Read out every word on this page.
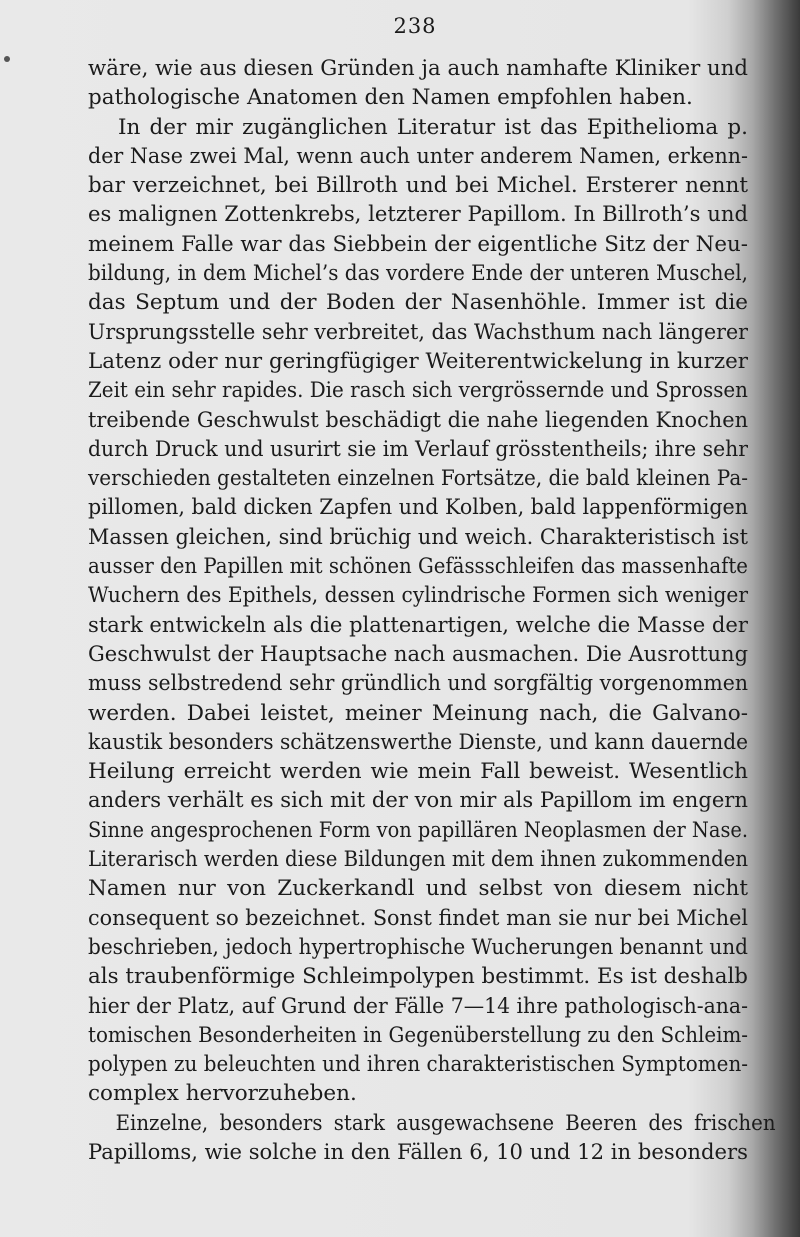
238
wäre, wie aus diesen Gründen ja auch namhafte Kliniker und
pathologische Anatomen den Namen empfohlen haben.
In der mir zugänglichen Literatur ist das Epithelioma p.
der Nase zwei Mal, wenn auch unter anderem Namen, erkenn-
bar verzeichnet, bei Billroth und bei Michel. Ersterer nennt
es malignen Zottenkrebs, letzterer Papillom. In Billroth’s und
meinem Falle war das Siebbein der eigentliche Sitz der Neu-
bildung, in dem Michel’s das vordere Ende der unteren Muschel,
das Septum und der Boden der Nasenhöhle. Immer ist die
Ursprungsstelle sehr verbreitet, das Wachsthum nach längerer
Latenz oder nur geringfügiger Weiterentwickelung in kurzer
Zeit ein sehr rapides. Die rasch sich vergrössernde und Sprossen
treibende Geschwulst beschädigt die nahe liegenden Knochen
durch Druck und usurirt sie im Verlauf grösstentheils; ihre sehr
verschieden gestalteten einzelnen Fortsätze, die bald kleinen Pa-
pillomen, bald dicken Zapfen und Kolben, bald lappenförmigen
Massen gleichen, sind brüchig und weich. Charakteristisch ist
ausser den Papillen mit schönen Gefässschleifen das massenhafte
Wuchern des Epithels, dessen cylindrische Formen sich weniger
stark entwickeln als die plattenartigen, welche die Masse der
Geschwulst der Hauptsache nach ausmachen. Die Ausrottung
muss selbstredend sehr gründlich und sorgfältig vorgenommen
werden. Dabei leistet, meiner Meinung nach, die Galvano-
kaustik besonders schätzenswerthe Dienste, und kann dauernde
Heilung erreicht werden wie mein Fall beweist. Wesentlich
anders verhält es sich mit der von mir als Papillom im engern
Sinne angesprochenen Form von papillären Neoplasmen der Nase.
Literarisch werden diese Bildungen mit dem ihnen zukommenden
Namen nur von Zuckerkandl und selbst von diesem nicht
consequent so bezeichnet. Sonst findet man sie nur bei Michel
beschrieben, jedoch hypertrophische Wucherungen benannt und
als traubenförmige Schleimpolypen bestimmt. Es ist deshalb
hier der Platz, auf Grund der Fälle 7—14 ihre pathologisch-ana-
tomischen Besonderheiten in Gegenüberstellung zu den Schleim-
polypen zu beleuchten und ihren charakteristischen Symptomen-
complex hervorzuheben.
Einzelne, besonders stark ausgewachsene Beeren des frischen
Papilloms, wie solche in den Fällen 6, 10 und 12 in besonders
